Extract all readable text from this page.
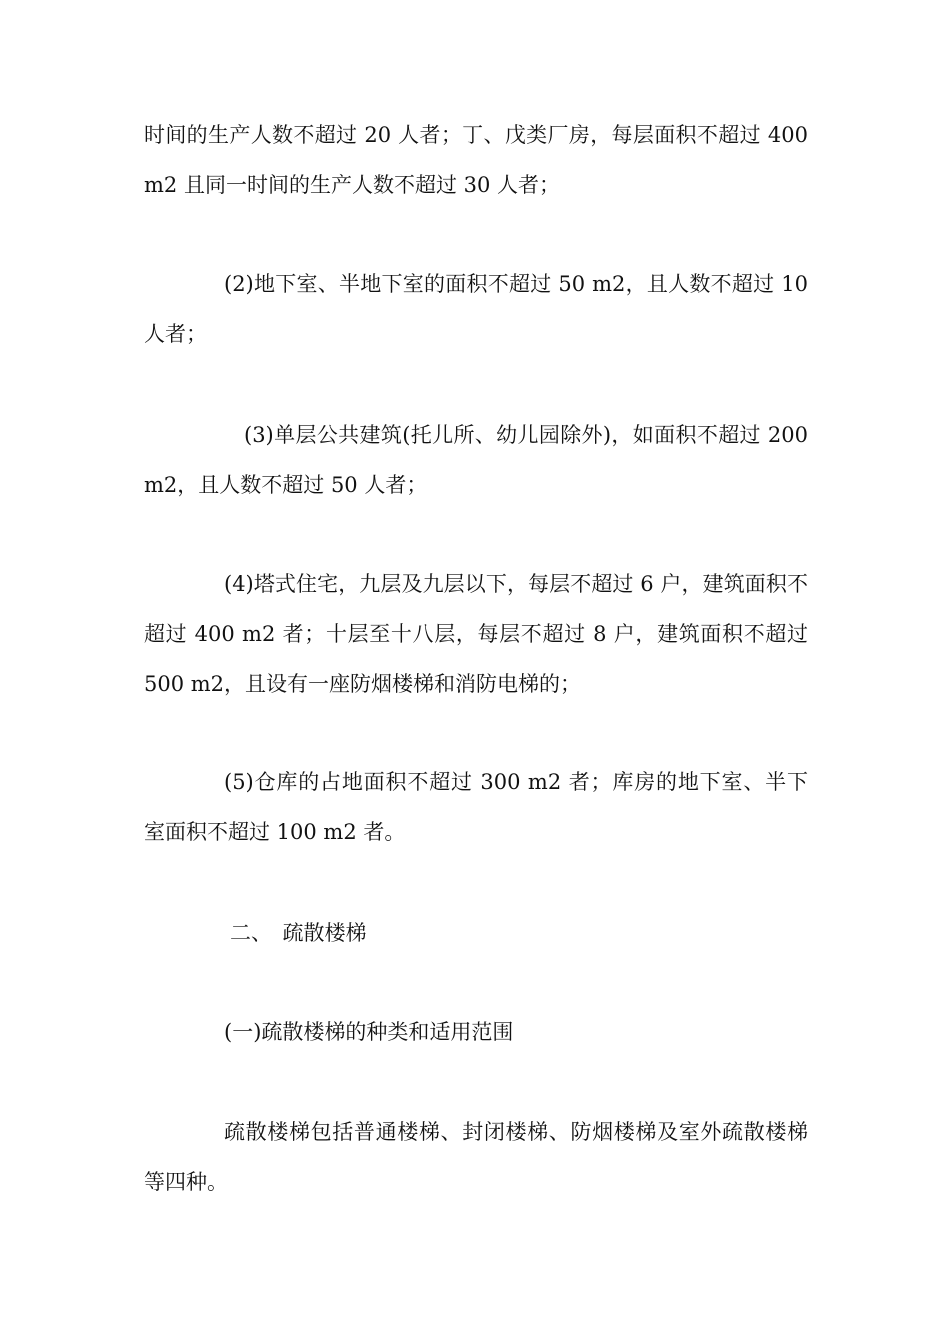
时间的生产人数不超过 20 人者；丁、戊类厂房，每层面积不超过 400 m2 且同一时间的生产人数不超过 30 人者；

(2)地下室、半地下室的面积不超过 50 m2，且人数不超过 10 人者；

(3)单层公共建筑(托儿所、幼儿园除外)，如面积不超过 200 m2，且人数不超过 50 人者；

(4)塔式住宅，九层及九层以下，每层不超过 6 户，建筑面积不超过 400 m2 者；十层至十八层，每层不超过 8 户，建筑面积不超过 500 m2，且设有一座防烟楼梯和消防电梯的；

(5)仓库的占地面积不超过 300 m2 者；库房的地下室、半下室面积不超过 100 m2 者。

二、　疏散楼梯

(一)疏散楼梯的种类和适用范围

疏散楼梯包括普通楼梯、封闭楼梯、防烟楼梯及室外疏散楼梯等四种。
